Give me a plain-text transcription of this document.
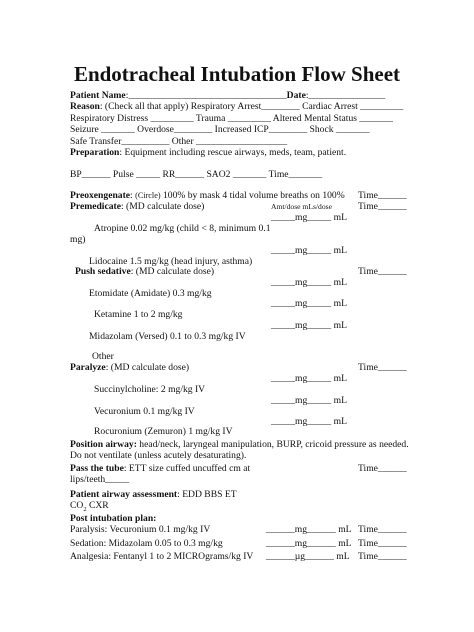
Endotracheal Intubation Flow Sheet
Patient Name:_________________________________Date:________________
Reason: (Check all that apply) Respiratory Arrest________ Cardiac Arrest _________
Respiratory Distress _________ Trauma _________ Altered Mental Status _______
Seizure _______ Overdose________ Increased ICP________ Shock _______
Safe Transfer__________ Other ___________________
Preparation: Equipment including rescue airways, meds, team, patient.
BP______ Pulse _____ RR______ SAO2 _______ Time_______
Preoxengenate: (Circle) 100% by mask 4 tidal volume breaths on 100% Time______
Premedicate: (MD calculate dose)	Amt/dose mLs/dose	Time______
_____mg_____ mL
Atropine 0.02 mg/kg (child < 8, minimum 0.1
mg)
_____mg_____ mL
Lidocaine 1.5 mg/kg (head injury, asthma)
Push sedative: (MD calculate dose)	Time______
_____mg_____ mL
Etomidate (Amidate) 0.3 mg/kg
_____mg_____ mL
Ketamine 1 to 2 mg/kg
_____mg_____ mL
Midazolam (Versed) 0.1 to 0.3 mg/kg IV
Other
Paralyze: (MD calculate dose)	Time______
_____mg_____ mL
Succinylcholine: 2 mg/kg IV
_____mg_____ mL
Vecuronium 0.1 mg/kg IV
_____mg_____ mL
Rocuronium (Zemuron) 1 mg/kg IV
Position airway: head/neck, laryngeal manipulation, BURP, cricoid pressure as needed.
Do not ventilate (unless acutely desaturating).
Pass the tube: ETT size cuffed uncuffed cm at	Time______
lips/teeth_____
Patient airway assessment: EDD BBS ET
$CO_2$ CXR
Post intubation plan:
Paralysis: Vecuronium 0.1 mg/kg IV	______mg______ mL Time______
Sedation: Midazolam 0.05 to 0.3 mg/kg	______mg______ mL Time______
Analgesia: Fentanyl 1 to 2 MICROgrams/kg IV ______µg______ mL Time______
